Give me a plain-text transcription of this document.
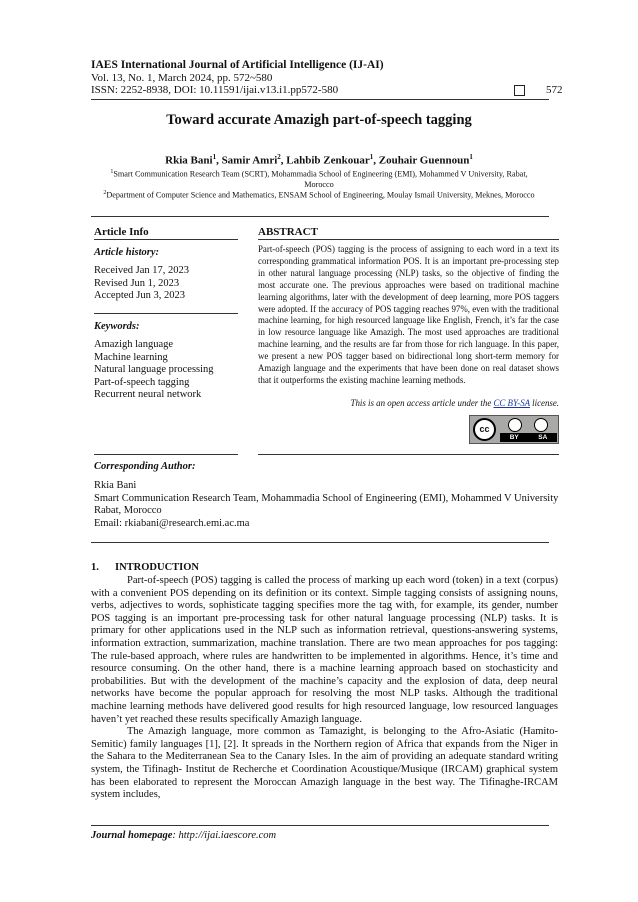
IAES International Journal of Artificial Intelligence (IJ-AI)
Vol. 13, No. 1, March 2024, pp. 572~580
ISSN: 2252-8938, DOI: 10.11591/ijai.v13.i1.pp572-580	572
Toward accurate Amazigh part-of-speech tagging
Rkia Bani$^1$, Samir Amri$^2$, Lahbib Zenkouar$^1$, Zouhair Guennoun$^1$
$^1$Smart Communication Research Team (SCRT), Mohammadia School of Engineering (EMI), Mohammed V University, Rabat, Morocco
$^2$Department of Computer Science and Mathematics, ENSAM School of Engineering, Moulay Ismail University, Meknes, Morocco
Article Info
Article history:
Received Jan 17, 2023
Revised Jun 1, 2023
Accepted Jun 3, 2023
Keywords:
Amazigh language
Machine learning
Natural language processing
Part-of-speech tagging
Recurrent neural network
ABSTRACT
Part-of-speech (POS) tagging is the process of assigning to each word in a text its corresponding grammatical information POS. It is an important pre-processing step in other natural language processing (NLP) tasks, so the objective of finding the most accurate one. The previous approaches were based on traditional machine learning algorithms, later with the development of deep learning, more POS taggers were adopted. If the accuracy of POS tagging reaches 97%, even with the traditional machine learning, for high resourced language like English, French, it’s far the case in low resource language like Amazigh. The most used approaches are traditional machine learning, and the results are far from those for rich language. In this paper, we present a new POS tagger based on bidirectional long short-term memory for Amazigh language and the experiments that have been done on real dataset shows that it outperforms the existing machine learning methods.
This is an open access article under the CC BY-SA license.
cc
BY	SA
Corresponding Author:
Rkia Bani
Smart Communication Research Team, Mohammadia School of Engineering (EMI), Mohammed V University
Rabat, Morocco
Email: rkiabani@research.emi.ac.ma
1. INTRODUCTION

Part-of-speech (POS) tagging is called the process of marking up each word (token) in a text (corpus) with a convenient POS depending on its definition or its context. Simple tagging consists of assigning nouns, verbs, adjectives to words, sophisticate tagging specifies more the tag with, for example, its gender, number POS tagging is an important pre-processing task for other natural language processing (NLP) tasks. It is primary for other applications used in the NLP such as information retrieval, questions-answering systems, information extraction, summarization, machine translation. There are two mean approaches for pos tagging: The rule-based approach, where rules are handwritten to be implemented in algorithms. Hence, it’s time and resource consuming. On the other hand, there is a machine learning approach based on stochasticity and probabilities. But with the development of the machine’s capacity and the explosion of data, deep neural networks have become the popular approach for resolving the most NLP tasks. Although the traditional machine learning methods have delivered good results for high resourced language, low resourced languages haven’t yet reached these results specifically Amazigh language.

The Amazigh language, more common as Tamazight, is belonging to the Afro-Asiatic (Hamito-Semitic) family languages [1], [2]. It spreads in the Northern region of Africa that expands from the Niger in the Sahara to the Mediterranean Sea to the Canary Isles. In the aim of providing an adequate standard writing system, the Tifinagh- Institut de Recherche et Coordination Acoustique/Musique (IRCAM) graphical system has been elaborated to represent the Moroccan Amazigh language in the best way. The Tifinaghe-IRCAM system includes,

Journal homepage: http://ijai.iaescore.com
